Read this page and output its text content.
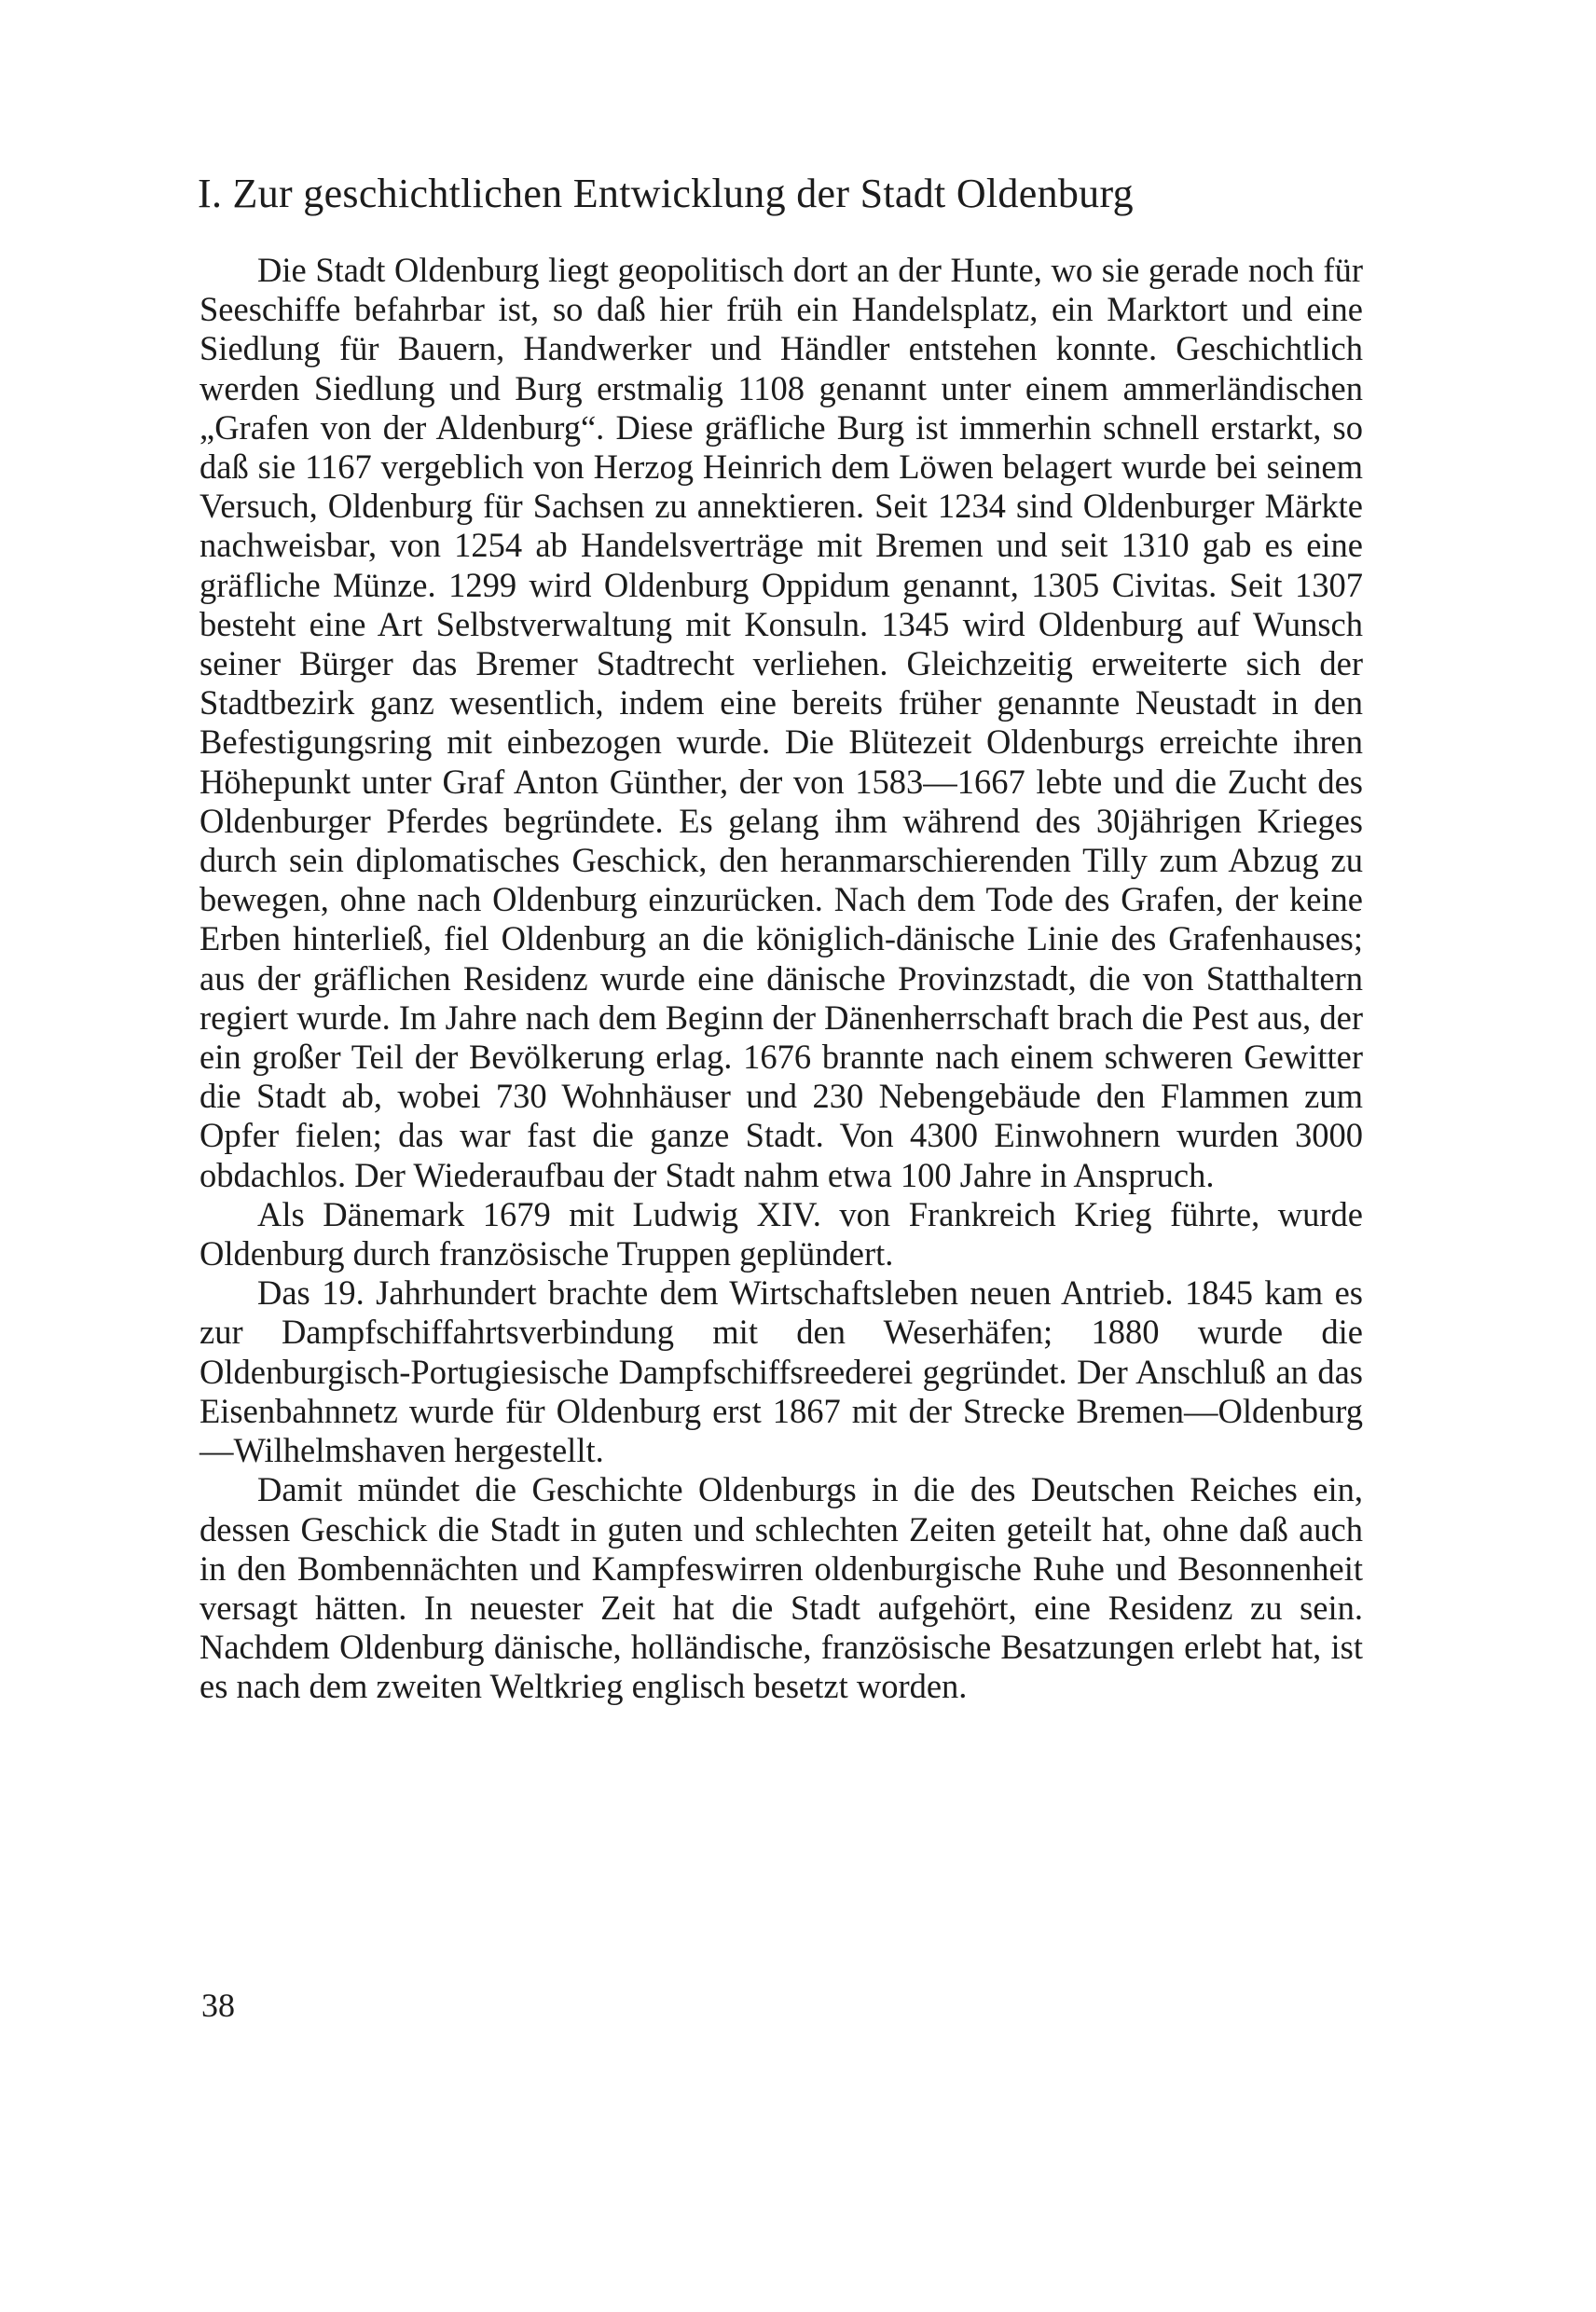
I. Zur geschichtlichen Entwicklung der Stadt Oldenburg

Die Stadt Oldenburg liegt geopolitisch dort an der Hunte, wo sie gerade noch für Seeschiffe befahrbar ist, so daß hier früh ein Handelsplatz, ein Marktort und eine Siedlung für Bauern, Handwerker und Händler entstehen konnte. Geschichtlich werden Siedlung und Burg erstmalig 1108 genannt unter einem ammerländischen „Grafen von der Aldenburg“. Diese gräfliche Burg ist immerhin schnell erstarkt, so daß sie 1167 vergeblich von Herzog Heinrich dem Löwen belagert wurde bei seinem Versuch, Oldenburg für Sachsen zu annektieren. Seit 1234 sind Oldenburger Märkte nachweisbar, von 1254 ab Handelsverträge mit Bremen und seit 1310 gab es eine gräfliche Münze. 1299 wird Oldenburg Oppidum genannt, 1305 Civitas. Seit 1307 besteht eine Art Selbstverwaltung mit Konsuln. 1345 wird Oldenburg auf Wunsch seiner Bürger das Bremer Stadtrecht verliehen. Gleichzeitig erweiterte sich der Stadtbezirk ganz wesentlich, indem eine bereits früher genannte Neustadt in den Befestigungsring mit einbezogen wurde. Die Blütezeit Oldenburgs erreichte ihren Höhepunkt unter Graf Anton Günther, der von 1583—1667 lebte und die Zucht des Oldenburger Pferdes begründete. Es gelang ihm während des 30jährigen Krieges durch sein diplomatisches Geschick, den heranmarschierenden Tilly zum Abzug zu bewegen, ohne nach Oldenburg einzurücken. Nach dem Tode des Grafen, der keine Erben hinterließ, fiel Oldenburg an die königlich-dänische Linie des Grafenhauses; aus der gräflichen Residenz wurde eine dänische Provinzstadt, die von Statthaltern regiert wurde. Im Jahre nach dem Beginn der Dänenherrschaft brach die Pest aus, der ein großer Teil der Bevölkerung erlag. 1676 brannte nach einem schweren Gewitter die Stadt ab, wobei 730 Wohnhäuser und 230 Nebengebäude den Flammen zum Opfer fielen; das war fast die ganze Stadt. Von 4300 Einwohnern wurden 3000 obdachlos. Der Wiederaufbau der Stadt nahm etwa 100 Jahre in Anspruch.

Als Dänemark 1679 mit Ludwig XIV. von Frankreich Krieg führte, wurde Oldenburg durch französische Truppen geplündert.

Das 19. Jahrhundert brachte dem Wirtschaftsleben neuen Antrieb. 1845 kam es zur Dampfschiffahrtsverbindung mit den Weserhäfen; 1880 wurde die Oldenburgisch-Portugiesische Dampfschiffsreederei gegründet. Der Anschluß an das Eisenbahnnetz wurde für Oldenburg erst 1867 mit der Strecke Bremen—Oldenburg—Wilhelmshaven hergestellt.

Damit mündet die Geschichte Oldenburgs in die des Deutschen Reiches ein, dessen Geschick die Stadt in guten und schlechten Zeiten geteilt hat, ohne daß auch in den Bombennächten und Kampfeswirren oldenburgische Ruhe und Besonnenheit versagt hätten. In neuester Zeit hat die Stadt aufgehört, eine Residenz zu sein. Nachdem Oldenburg dänische, holländische, französische Besatzungen erlebt hat, ist es nach dem zweiten Weltkrieg englisch besetzt worden.

38
